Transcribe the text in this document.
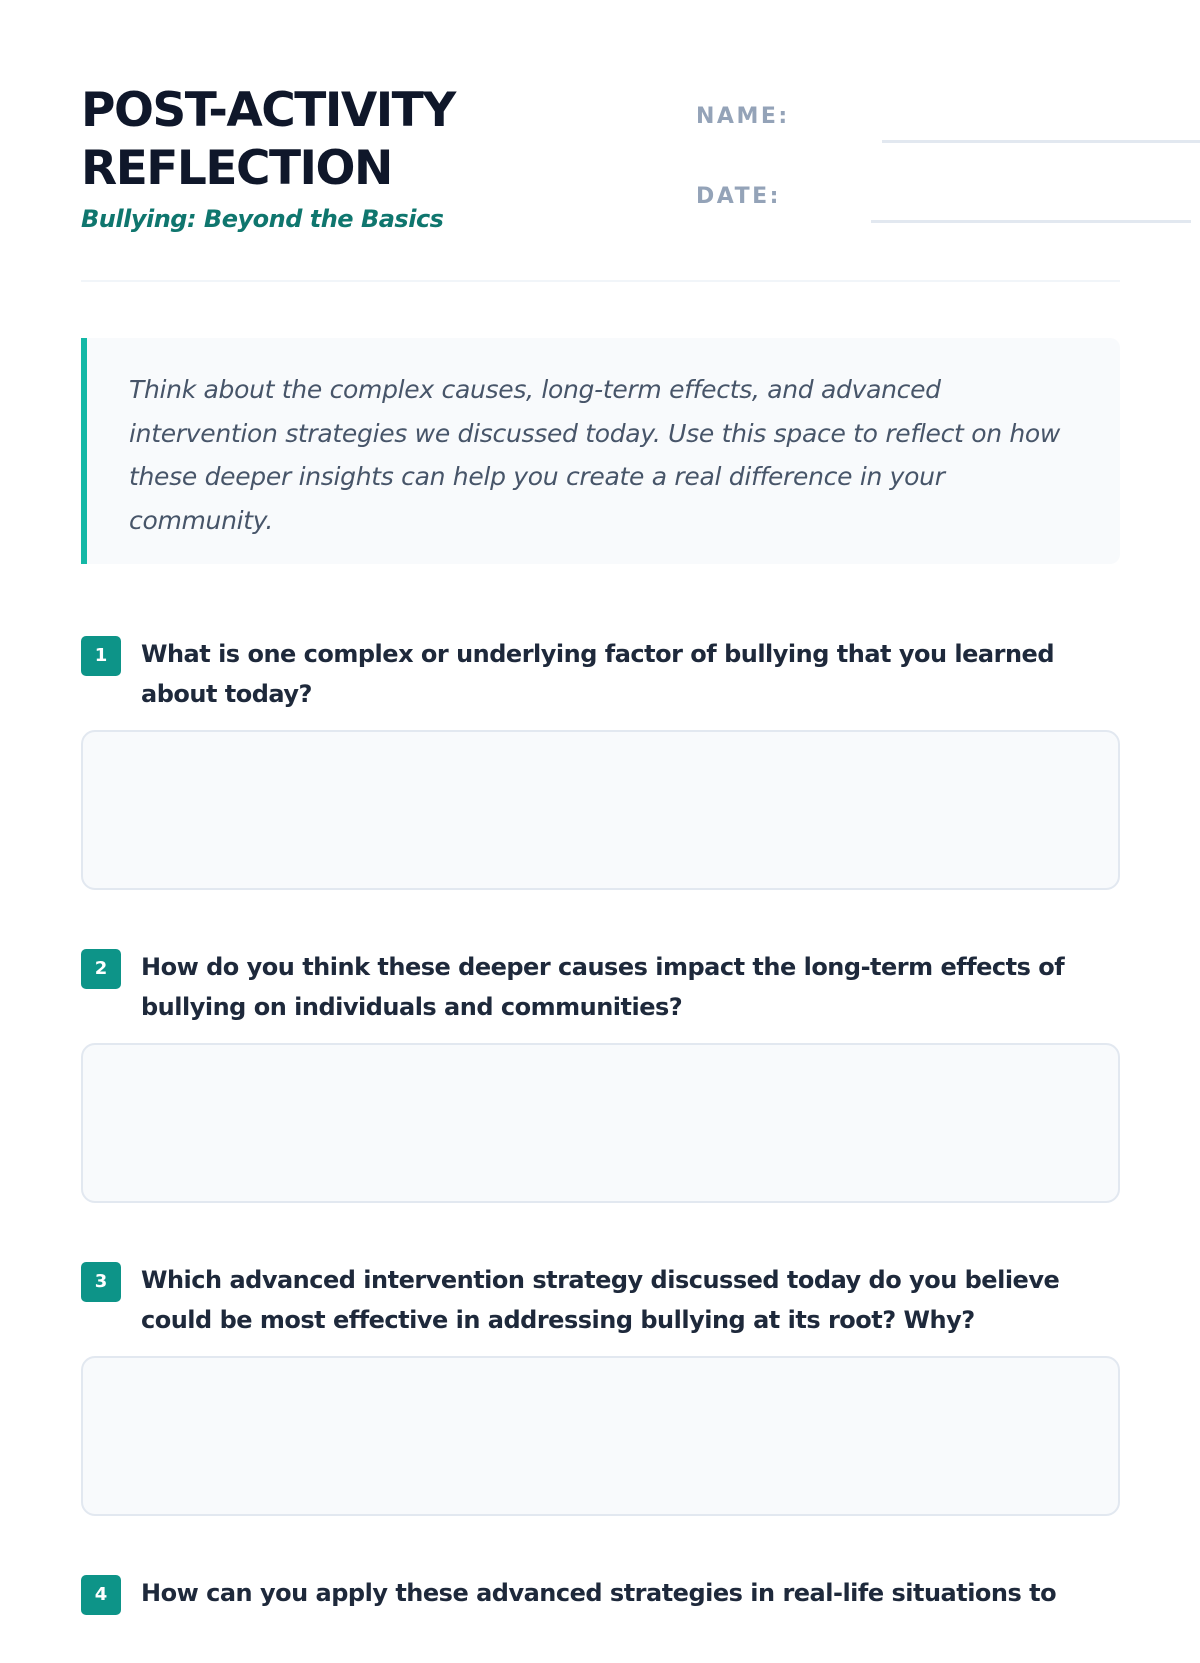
POST-ACTIVITY
REFLECTION

Bullying: Beyond the Basics

NAME:
DATE:

Think about the complex causes, long-term effects, and advanced intervention strategies we discussed today. Use this space to reflect on how these deeper insights can help you create a real difference in your community.

1	What is one complex or underlying factor of bullying that you learned about today?

2	How do you think these deeper causes impact the long-term effects of bullying on individuals and communities?

3	Which advanced intervention strategy discussed today do you believe could be most effective in addressing bullying at its root? Why?

4	How can you apply these advanced strategies in real-life situations to
